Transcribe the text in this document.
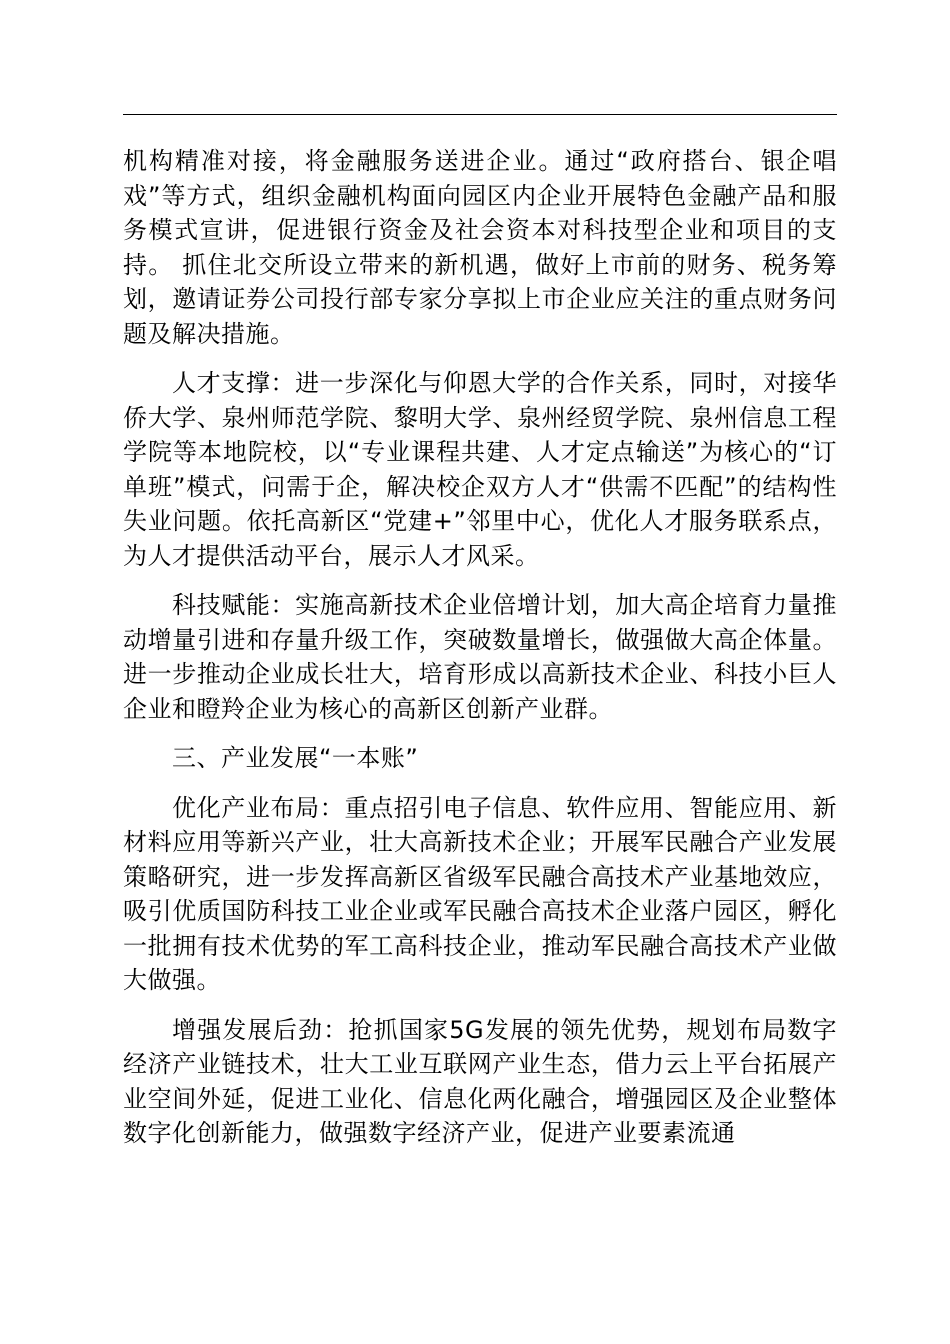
机构精准对接，将金融服务送进企业。通过“政府搭台、银企唱戏”等方式，组织金融机构面向园区内企业开展特色金融产品和服务模式宣讲，促进银行资金及社会资本对科技型企业和项目的支持。 抓住北交所设立带来的新机遇，做好上市前的财务、税务筹划，邀请证券公司投行部专家分享拟上市企业应关注的重点财务问题及解决措施。

人才支撑：进一步深化与仰恩大学的合作关系，同时，对接华侨大学、泉州师范学院、黎明大学、泉州经贸学院、泉州信息工程学院等本地院校，以“专业课程共建、人才定点输送”为核心的“订单班”模式，问需于企，解决校企双方人才“供需不匹配”的结构性失业问题。依托高新区“党建+”邻里中心，优化人才服务联系点，为人才提供活动平台，展示人才风采。

科技赋能：实施高新技术企业倍增计划，加大高企培育力量推动增量引进和存量升级工作，突破数量增长，做强做大高企体量。进一步推动企业成长壮大，培育形成以高新技术企业、科技小巨人企业和瞪羚企业为核心的高新区创新产业群。

三、产业发展“一本账”

优化产业布局：重点招引电子信息、软件应用、智能应用、新材料应用等新兴产业，壮大高新技术企业；开展军民融合产业发展策略研究，进一步发挥高新区省级军民融合高技术产业基地效应，吸引优质国防科技工业企业或军民融合高技术企业落户园区，孵化一批拥有技术优势的军工高科技企业，推动军民融合高技术产业做大做强。

增强发展后劲：抢抓国家5G发展的领先优势，规划布局数字经济产业链技术，壮大工业互联网产业生态，借力云上平台拓展产业空间外延，促进工业化、信息化两化融合，增强园区及企业整体数字化创新能力，做强数字经济产业，促进产业要素流通
